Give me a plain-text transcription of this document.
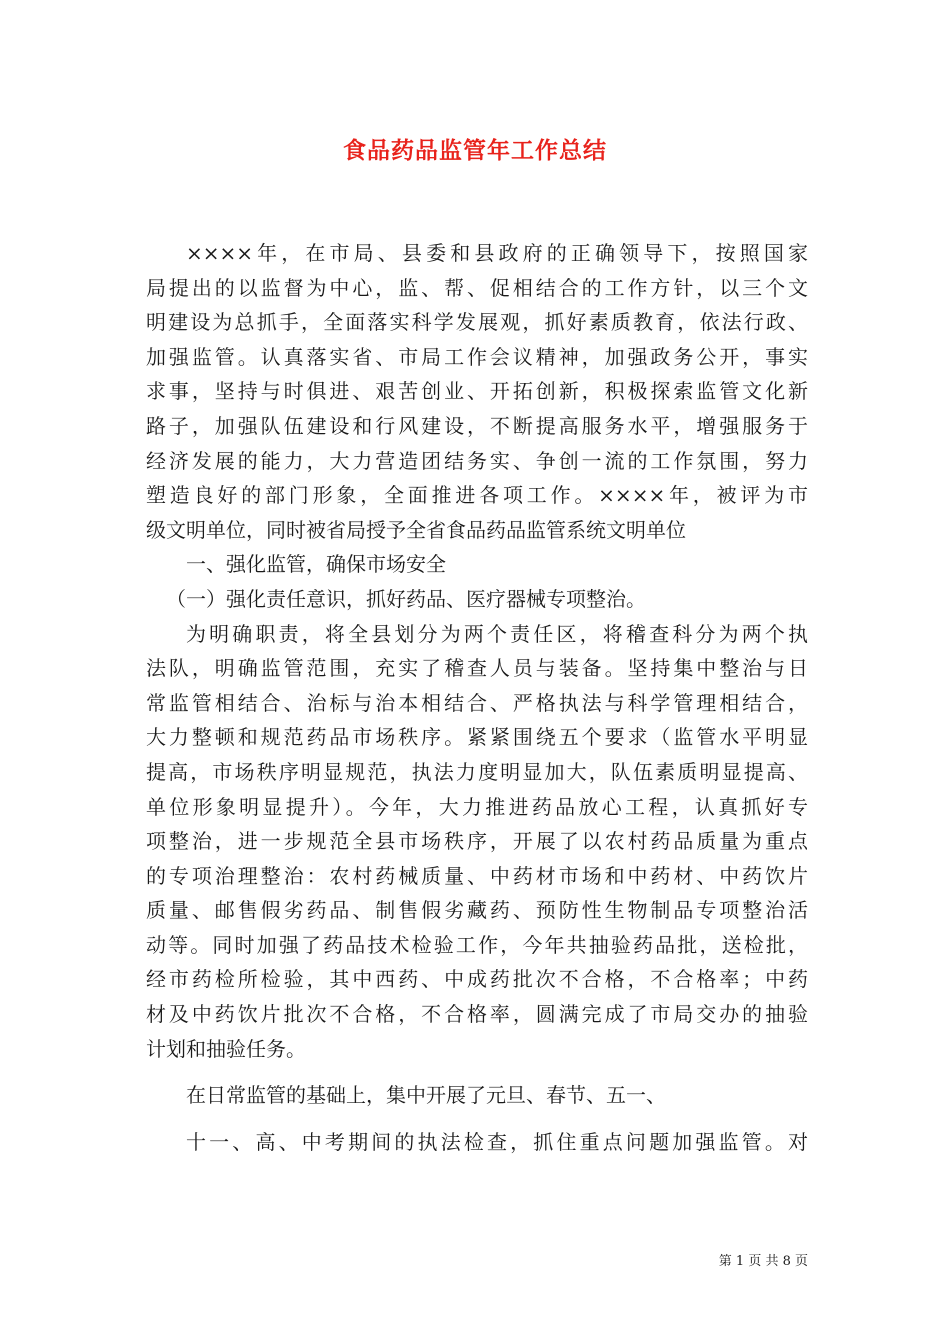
食品药品监管年工作总结
××××年，在市局、县委和县政府的正确领导下，按照国家
局提出的以监督为中心，监、帮、促相结合的工作方针，以三个文
明建设为总抓手，全面落实科学发展观，抓好素质教育，依法行政、
加强监管。认真落实省、市局工作会议精神，加强政务公开，事实
求事，坚持与时俱进、艰苦创业、开拓创新，积极探索监管文化新
路子，加强队伍建设和行风建设，不断提高服务水平，增强服务于
经济发展的能力，大力营造团结务实、争创一流的工作氛围，努力
塑造良好的部门形象，全面推进各项工作。××××年，被评为市
级文明单位，同时被省局授予全省食品药品监管系统文明单位
一、强化监管，确保市场安全
（一）强化责任意识，抓好药品、医疗器械专项整治。
为明确职责，将全县划分为两个责任区，将稽查科分为两个执
法队，明确监管范围，充实了稽查人员与装备。坚持集中整治与日
常监管相结合、治标与治本相结合、严格执法与科学管理相结合，
大力整顿和规范药品市场秩序。紧紧围绕五个要求（监管水平明显
提高，市场秩序明显规范，执法力度明显加大，队伍素质明显提高、
单位形象明显提升）。今年，大力推进药品放心工程，认真抓好专
项整治，进一步规范全县市场秩序，开展了以农村药品质量为重点
的专项治理整治：农村药械质量、中药材市场和中药材、中药饮片
质量、邮售假劣药品、制售假劣藏药、预防性生物制品专项整治活
动等。同时加强了药品技术检验工作，今年共抽验药品批，送检批，
经市药检所检验，其中西药、中成药批次不合格，不合格率；中药
材及中药饮片批次不合格，不合格率，圆满完成了市局交办的抽验
计划和抽验任务。
在日常监管的基础上，集中开展了元旦、春节、五一、
十一、高、中考期间的执法检查，抓住重点问题加强监管。对
第 1 页 共 8 页
